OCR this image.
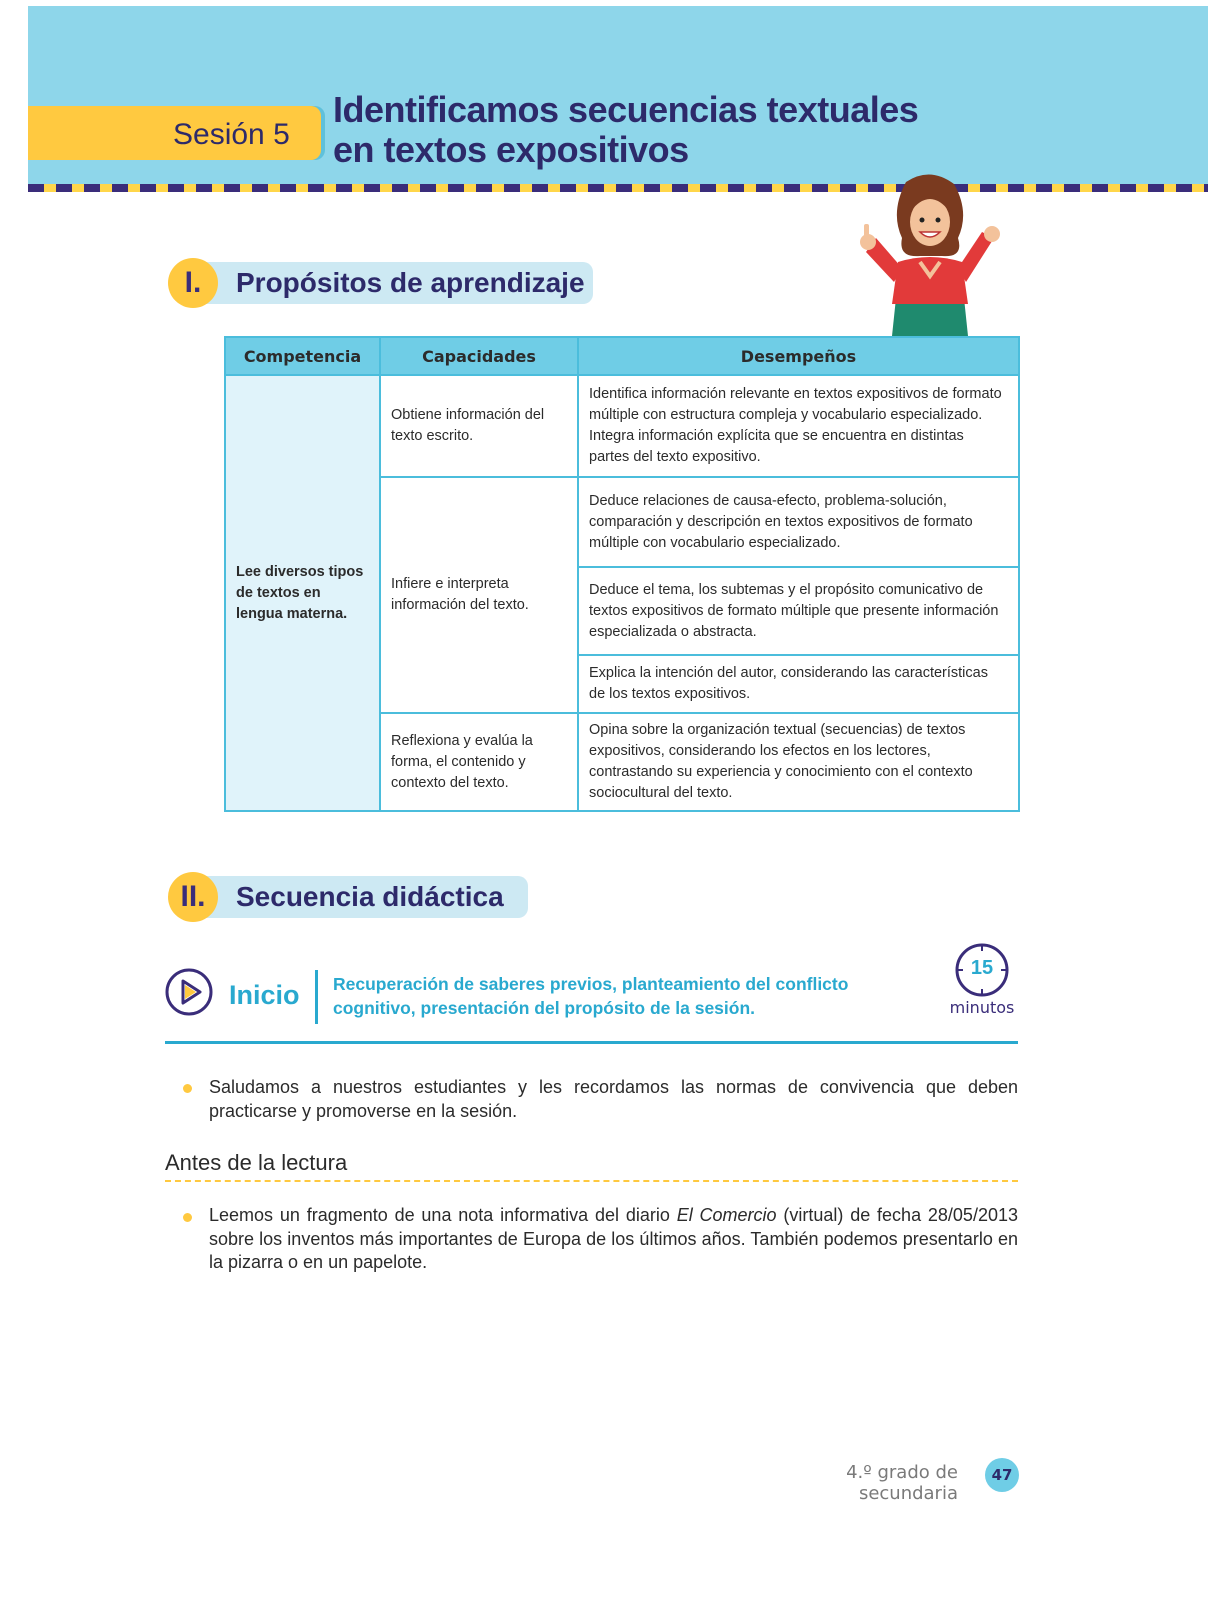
Sesión 5
Identificamos secuencias textuales
en textos expositivos
I.	Propósitos de aprendizaje
Competencia	Capacidades	Desempeños
Lee diversos tipos de textos en lengua materna.	Obtiene información del texto escrito.	Identifica información relevante en textos expositivos de formato múltiple con estructura compleja y vocabulario especializado. Integra información explícita que se encuentra en distintas partes del texto expositivo.
	Infiere e interpreta información del texto.	Deduce relaciones de causa-efecto, problema-solución, comparación y descripción en textos expositivos de formato múltiple con vocabulario especializado.
		Deduce el tema, los subtemas y el propósito comunicativo de textos expositivos de formato múltiple que presente información especializada o abstracta.
		Explica la intención del autor, considerando las características de los textos expositivos.
	Reflexiona y evalúa la forma, el contenido y contexto del texto.	Opina sobre la organización textual (secuencias) de textos expositivos, considerando los efectos en los lectores, contrastando su experiencia y conocimiento con el contexto sociocultural del texto.
II.	Secuencia didáctica
Inicio Recuperación de saberes previos, planteamiento del conflicto cognitivo, presentación del propósito de la sesión.
15
minutos
Saludamos a nuestros estudiantes y les recordamos las normas de convivencia que deben practicarse y promoverse en la sesión.
Antes de la lectura
Leemos un fragmento de una nota informativa del diario El Comercio (virtual) de fecha 28/05/2013 sobre los inventos más importantes de Europa de los últimos años. También podemos presentarlo en la pizarra o en un papelote.
4.º grado de secundaria
47
